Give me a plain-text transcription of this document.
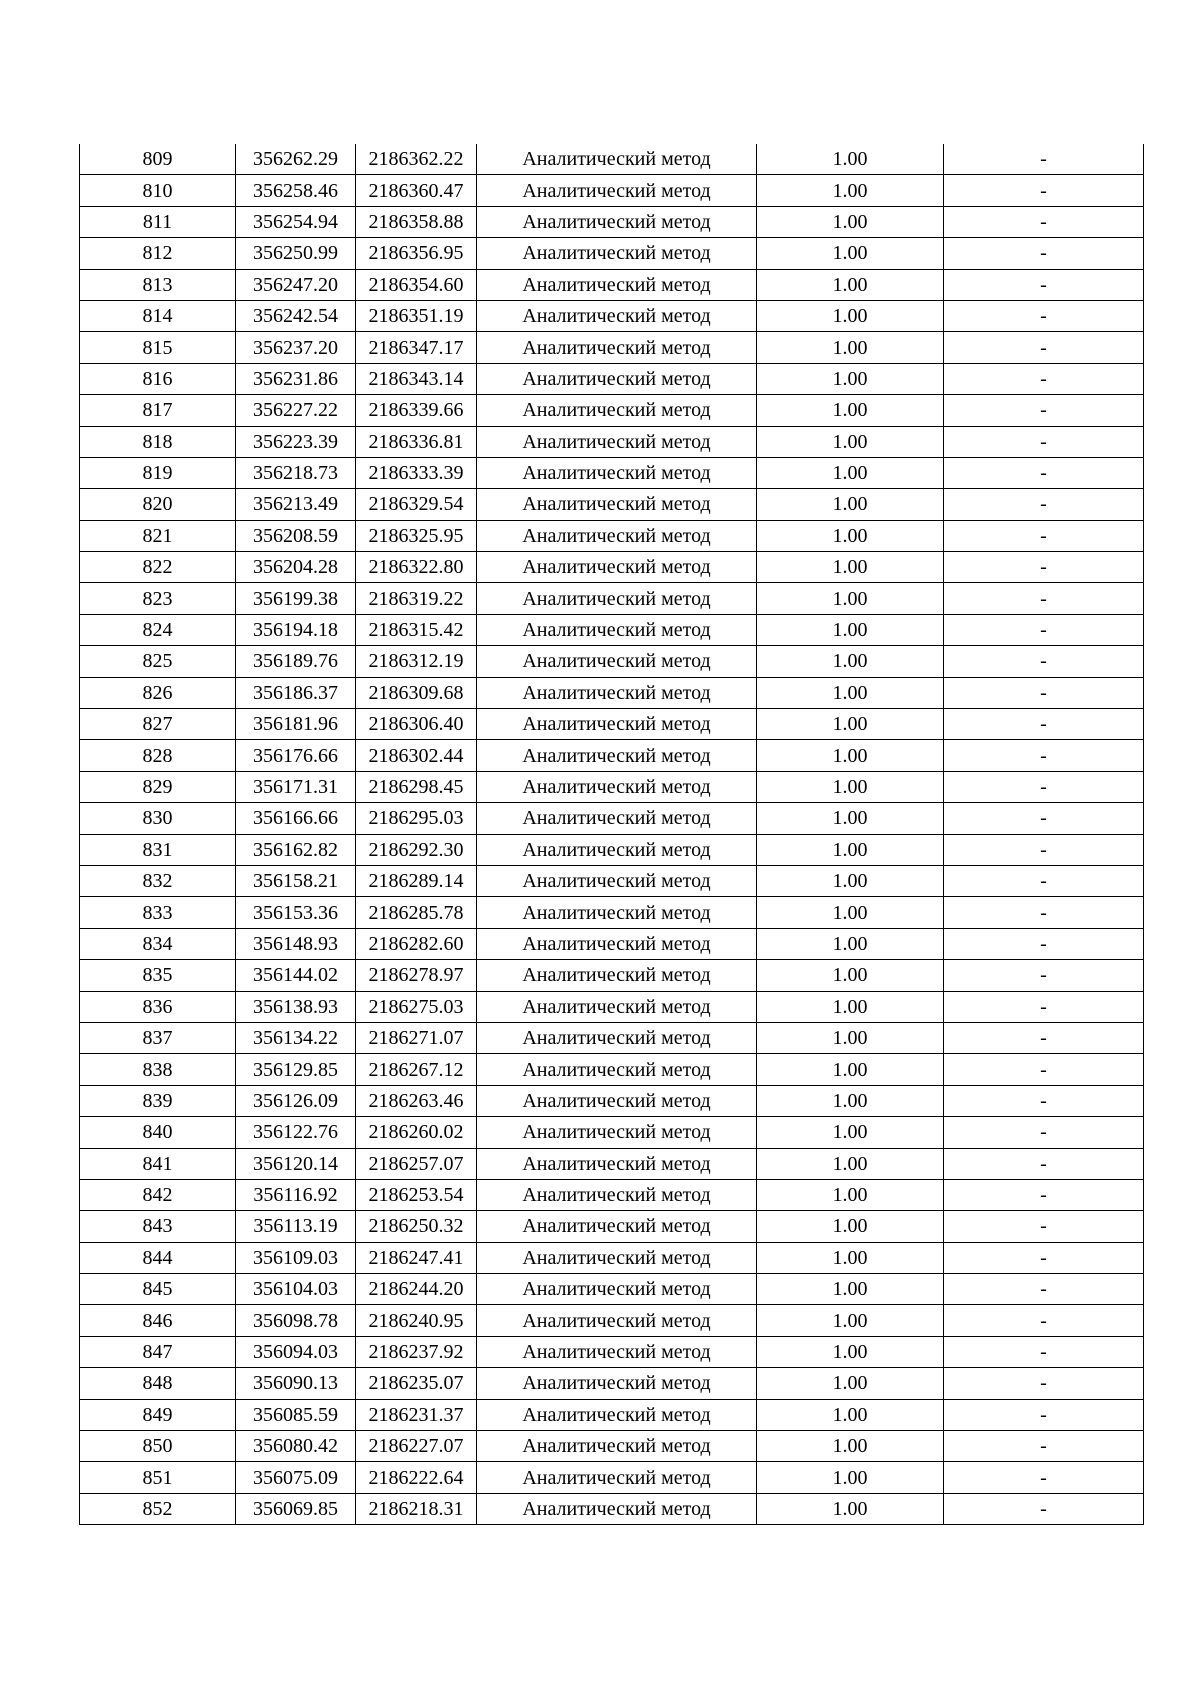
809	356262.29	2186362.22	Аналитический метод	1.00	-
810	356258.46	2186360.47	Аналитический метод	1.00	-
811	356254.94	2186358.88	Аналитический метод	1.00	-
812	356250.99	2186356.95	Аналитический метод	1.00	-
813	356247.20	2186354.60	Аналитический метод	1.00	-
814	356242.54	2186351.19	Аналитический метод	1.00	-
815	356237.20	2186347.17	Аналитический метод	1.00	-
816	356231.86	2186343.14	Аналитический метод	1.00	-
817	356227.22	2186339.66	Аналитический метод	1.00	-
818	356223.39	2186336.81	Аналитический метод	1.00	-
819	356218.73	2186333.39	Аналитический метод	1.00	-
820	356213.49	2186329.54	Аналитический метод	1.00	-
821	356208.59	2186325.95	Аналитический метод	1.00	-
822	356204.28	2186322.80	Аналитический метод	1.00	-
823	356199.38	2186319.22	Аналитический метод	1.00	-
824	356194.18	2186315.42	Аналитический метод	1.00	-
825	356189.76	2186312.19	Аналитический метод	1.00	-
826	356186.37	2186309.68	Аналитический метод	1.00	-
827	356181.96	2186306.40	Аналитический метод	1.00	-
828	356176.66	2186302.44	Аналитический метод	1.00	-
829	356171.31	2186298.45	Аналитический метод	1.00	-
830	356166.66	2186295.03	Аналитический метод	1.00	-
831	356162.82	2186292.30	Аналитический метод	1.00	-
832	356158.21	2186289.14	Аналитический метод	1.00	-
833	356153.36	2186285.78	Аналитический метод	1.00	-
834	356148.93	2186282.60	Аналитический метод	1.00	-
835	356144.02	2186278.97	Аналитический метод	1.00	-
836	356138.93	2186275.03	Аналитический метод	1.00	-
837	356134.22	2186271.07	Аналитический метод	1.00	-
838	356129.85	2186267.12	Аналитический метод	1.00	-
839	356126.09	2186263.46	Аналитический метод	1.00	-
840	356122.76	2186260.02	Аналитический метод	1.00	-
841	356120.14	2186257.07	Аналитический метод	1.00	-
842	356116.92	2186253.54	Аналитический метод	1.00	-
843	356113.19	2186250.32	Аналитический метод	1.00	-
844	356109.03	2186247.41	Аналитический метод	1.00	-
845	356104.03	2186244.20	Аналитический метод	1.00	-
846	356098.78	2186240.95	Аналитический метод	1.00	-
847	356094.03	2186237.92	Аналитический метод	1.00	-
848	356090.13	2186235.07	Аналитический метод	1.00	-
849	356085.59	2186231.37	Аналитический метод	1.00	-
850	356080.42	2186227.07	Аналитический метод	1.00	-
851	356075.09	2186222.64	Аналитический метод	1.00	-
852	356069.85	2186218.31	Аналитический метод	1.00	-
